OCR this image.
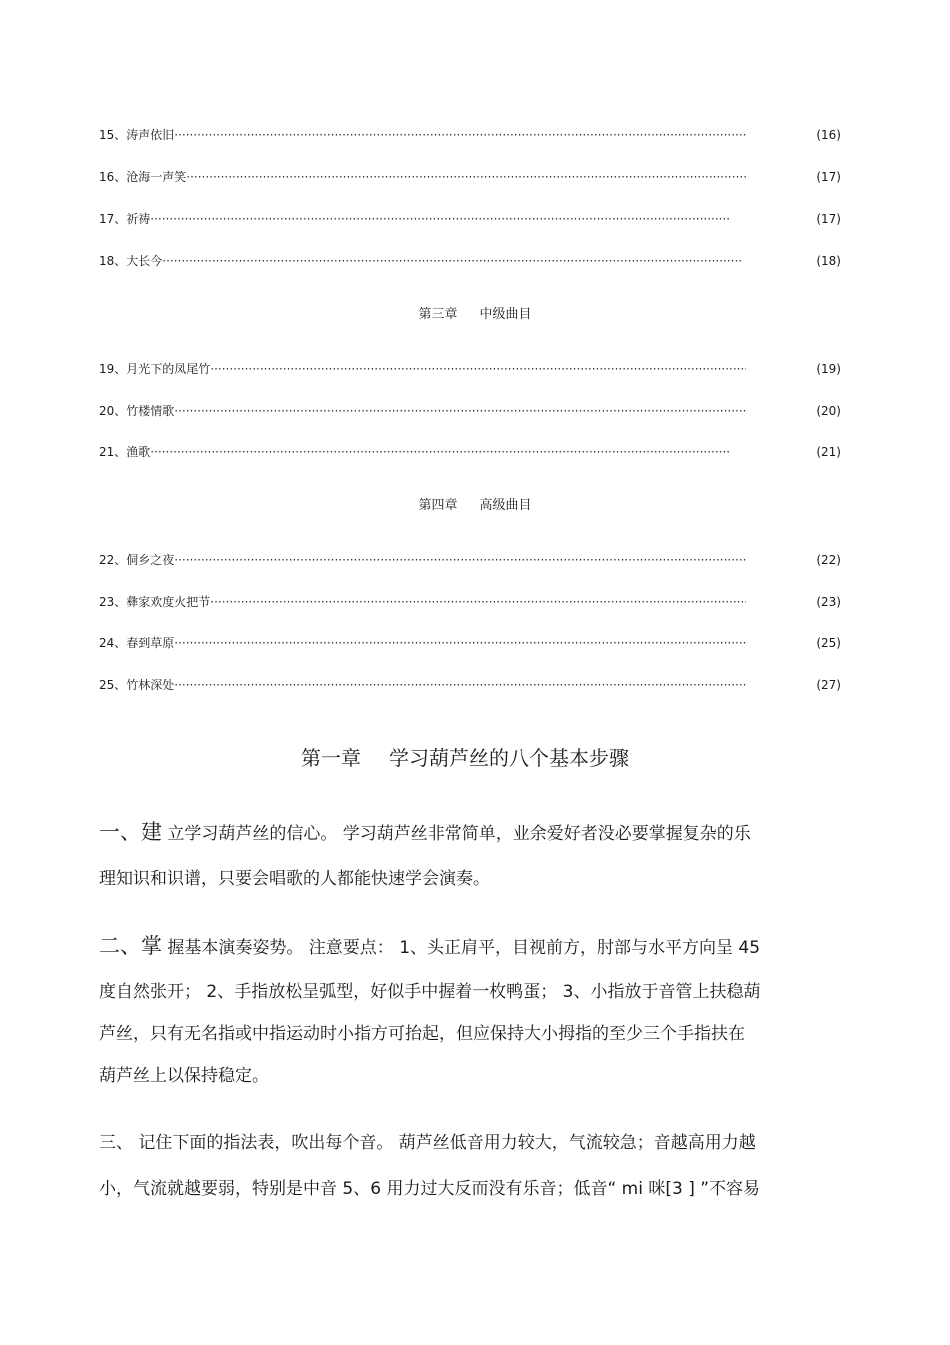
15、涛声依旧 ·····	(16)
16、沧海一声笑 ·····	(17)
17、祈祷 ·····	(17)
18、大长今 ·····	(18)
第三章 中级曲目
19、月光下的凤尾竹 ·····	(19)
20、竹楼情歌 ·····	(20)
21、渔歌 ·····	(21)
第四章 高级曲目
22、侗乡之夜 ·····	(22)
23、彝家欢度火把节 ·····	(23)
24、春到草原 ·····	(25)
25、竹林深处 ·····	(27)
第一章 学习葫芦丝的八个基本步骤
一、建 立学习葫芦丝的信心。 学习葫芦丝非常简单，业余爱好者没必要掌握复杂的乐
理知识和识谱，只要会唱歌的人都能快速学会演奏。
二、掌 握基本演奏姿势。 注意要点： 1、头正肩平，目视前方，肘部与水平方向呈 45
度自然张开； 2、手指放松呈弧型，好似手中握着一枚鸭蛋； 3、小指放于音管上扶稳葫
芦丝，只有无名指或中指运动时小指方可抬起，但应保持大小拇指的至少三个手指扶在
葫芦丝上以保持稳定。
三、 记住下面的指法表，吹出每个音。 葫芦丝低音用力较大，气流较急；音越高用力越
小，气流就越要弱，特别是中音 5、6 用力过大反而没有乐音；低音“ mi 咪[3 ] ”不容易
